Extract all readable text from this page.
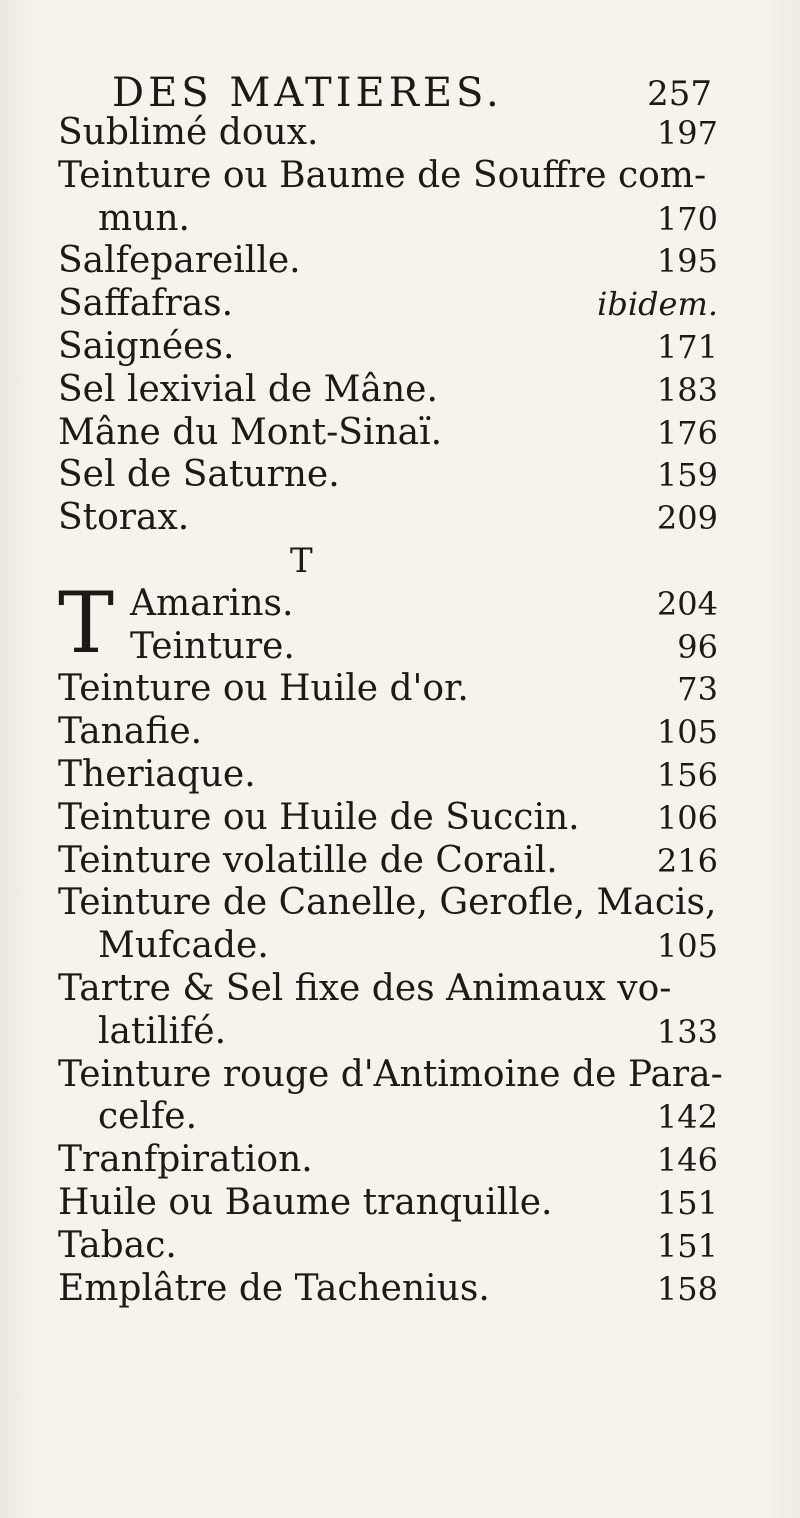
DES MATIERES.	257
Sublimé doux.	197
Teinture ou Baume de Souffre com-
mun.	170
Salfepareille.	195
Saffafras.	ibidem.
Saignées.	171
Sel lexivial de Mâne.	183
Mâne du Mont-Sinaï.	176
Sel de Saturne.	159
Storax.	209
T
Amarins.	204
T Teinture.	96
Teinture ou Huile d'or.	73
Tanafie.	105
Theriaque.	156
Teinture ou Huile de Succin. 106
Teinture volatille de Corail.	216
Teinture de Canelle, Gerofle, Macis,
Mufcade.	105
Tartre & Sel fixe des Animaux vo-
latilifé.	133
Teinture rouge d'Antimoine de Para-
celfe.	142
Tranfpiration.	146
Huile ou Baume tranquille.	151
Tabac.	151
Emplâtre de Tachenius.	158
